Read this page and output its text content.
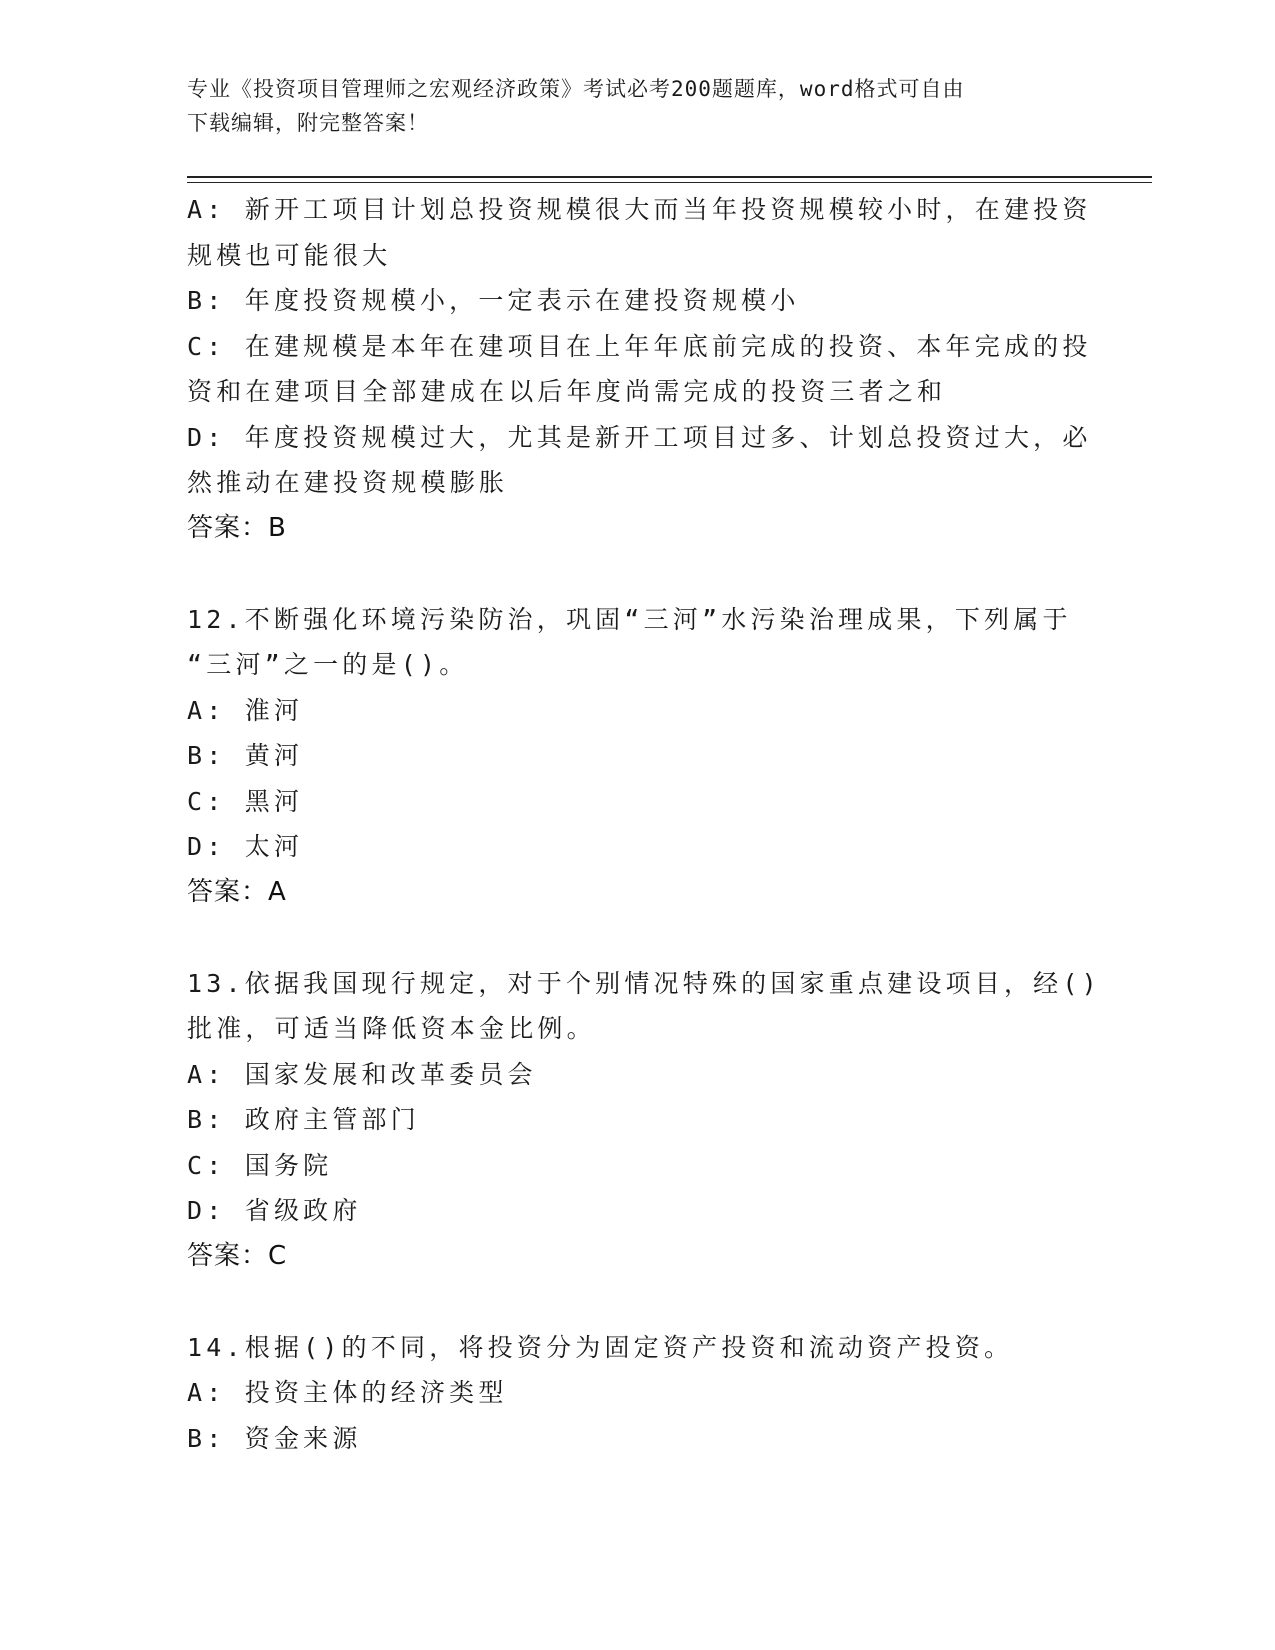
专业《投资项目管理师之宏观经济政策》考试必考200题题库，word格式可自由
下载编辑，附完整答案！
A: 新开工项目计划总投资规模很大而当年投资规模较小时，在建投资
规模也可能很大
B: 年度投资规模小，一定表示在建投资规模小
C: 在建规模是本年在建项目在上年年底前完成的投资、本年完成的投
资和在建项目全部建成在以后年度尚需完成的投资三者之和
D: 年度投资规模过大，尤其是新开工项目过多、计划总投资过大，必
然推动在建投资规模膨胀
答案：B
12.不断强化环境污染防治，巩固“三河”水污染治理成果，下列属于
“三河”之一的是()。
A: 淮河
B: 黄河
C: 黑河
D: 太河
答案：A
13.依据我国现行规定，对于个别情况特殊的国家重点建设项目，经()
批准，可适当降低资本金比例。
A: 国家发展和改革委员会
B: 政府主管部门
C: 国务院
D: 省级政府
答案：C
14.根据()的不同，将投资分为固定资产投资和流动资产投资。
A: 投资主体的经济类型
B: 资金来源
